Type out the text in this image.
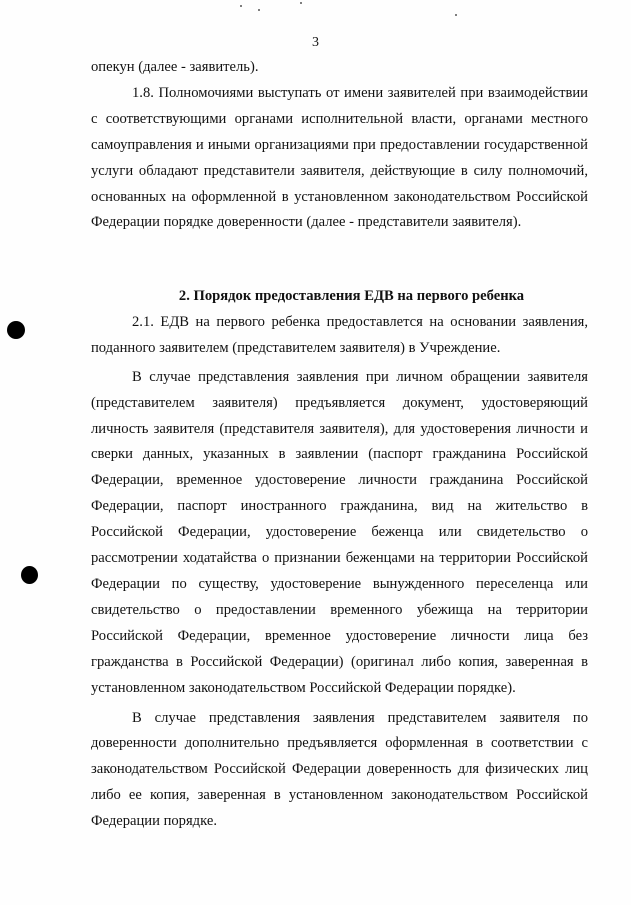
3

опекун (далее - заявитель).

1.8. Полномочиями выступать от имени заявителей при взаимодействии с соответствующими органами исполнительной власти, органами местного самоуправления и иными организациями при предоставлении государственной услуги обладают представители заявителя, действующие в силу полномочий, основанных на оформленной в установленном законодательством Российской Федерации порядке доверенности (далее - представители заявителя).

2. Порядок предоставления ЕДВ на первого ребенка

2.1. ЕДВ на первого ребенка предоставлется на основании заявления, поданного заявителем (представителем заявителя) в Учреждение.

В случае представления заявления при личном обращении заявителя (представителем заявителя) предъявляется документ, удостоверяющий личность заявителя (представителя заявителя), для удостоверения личности и сверки данных, указанных в заявлении (паспорт гражданина Российской Федерации, временное удостоверение личности гражданина Российской Федерации, паспорт иностранного гражданина, вид на жительство в Российской Федерации, удостоверение беженца или свидетельство о рассмотрении ходатайства о признании беженцами на территории Российской Федерации по существу, удостоверение вынужденного переселенца или свидетельство о предоставлении временного убежища на территории Российской Федерации, временное удостоверение личности лица без гражданства в Российской Федерации) (оригинал либо копия, заверенная в установленном законодательством Российской Федерации порядке).

В случае представления заявления представителем заявителя по доверенности дополнительно предъявляется оформленная в соответствии с законодательством Российской Федерации доверенность для физических лиц либо ее копия, заверенная в установленном законодательством Российской Федерации порядке.
